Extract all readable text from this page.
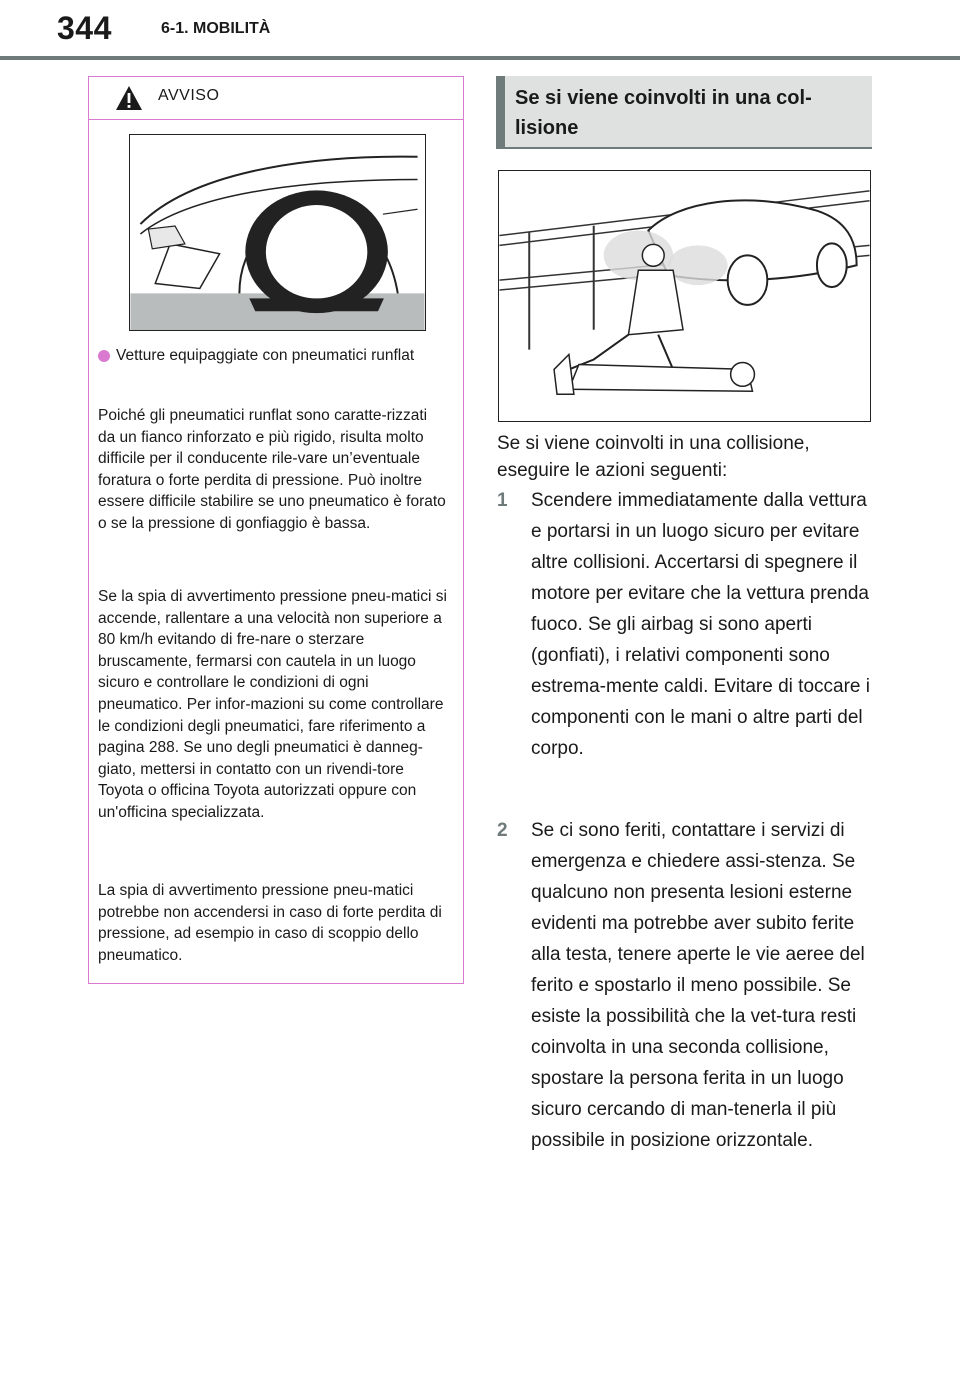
344	6-1. MOBILITÀ
AVVISO
Vetture equipaggiate con pneumatici runflat
Poiché gli pneumatici runflat sono caratte-rizzati da un fianco rinforzato e più rigido, risulta molto difficile per il conducente rile-vare un’eventuale foratura o forte perdita di pressione. Può inoltre essere difficile stabilire se uno pneumatico è forato o se la pressione di gonfiaggio è bassa.
Se la spia di avvertimento pressione pneu-matici si accende, rallentare a una velocità non superiore a 80 km/h evitando di fre-nare o sterzare bruscamente, fermarsi con cautela in un luogo sicuro e controllare le condizioni di ogni pneumatico. Per infor-mazioni su come controllare le condizioni degli pneumatici, fare riferimento a pagina 288. Se uno degli pneumatici è danneg-giato, mettersi in contatto con un rivendi-tore Toyota o officina Toyota autorizzati oppure con un'officina specializzata.
La spia di avvertimento pressione pneu-matici potrebbe non accendersi in caso di forte perdita di pressione, ad esempio in caso di scoppio dello pneumatico.
Se si viene coinvolti in una col-lisione
Se si viene coinvolti in una collisione, eseguire le azioni seguenti:
1	Scendere immediatamente dalla vettura e portarsi in un luogo sicuro per evitare altre collisioni. Accertarsi di spegnere il motore per evitare che la vettura prenda fuoco. Se gli airbag si sono aperti (gonfiati), i relativi componenti sono estrema-mente caldi. Evitare di toccare i componenti con le mani o altre parti del corpo.
2	Se ci sono feriti, contattare i servizi di emergenza e chiedere assi-stenza. Se qualcuno non presenta lesioni esterne evidenti ma potrebbe aver subito ferite alla testa, tenere aperte le vie aeree del ferito e spostarlo il meno possibile. Se esiste la possibilità che la vet-tura resti coinvolta in una seconda collisione, spostare la persona ferita in un luogo sicuro cercando di man-tenerla il più possibile in posizione orizzontale.
